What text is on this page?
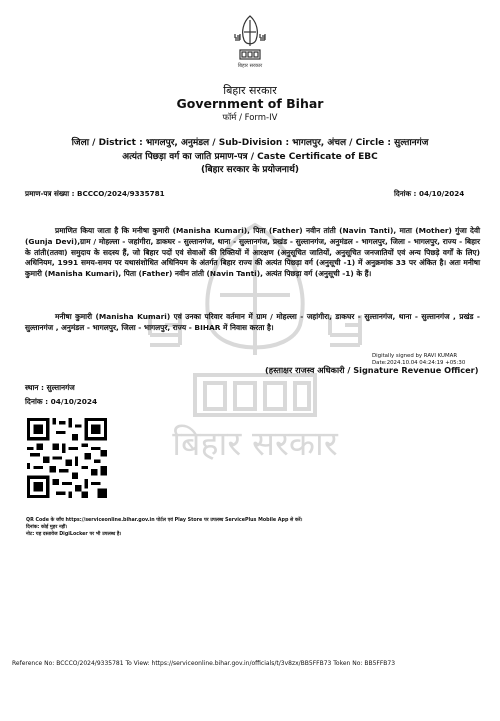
बिहार सरकार
बिहार सरकार
बिहार सरकार
Government of Bihar
फॉर्म / Form-IV
जिला / District : भागलपुर, अनुमंडल / Sub-Division : भागलपुर, अंचल / Circle : सुल्तानगंज
अत्यंत पिछड़ा वर्ग का जाति प्रमाण-पत्र / Caste Certificate of EBC
(बिहार सरकार के प्रयोजनार्थ)
प्रमाण-पत्र संख्या : BCCCO/2024/9335781	दिनांक : 04/10/2024

प्रमाणित किया जाता है कि मनीषा कुमारी (Manisha Kumari), पिता (Father) नवीन तांती (Navin Tanti), माता (Mother) गुंजा देवी (Gunja Devi),ग्राम / मोहल्ला - जहांगीरा, डाकघर - सुल्तानगंज, थाना - सुल्तानगंज, प्रखंड - सुल्तानगंज, अनुमंडल - भागलपुर, जिला - भागलपुर, राज्य - बिहार के तांती(ततवा) समुदाय के सदस्य हैं, जो बिहार पदों एवं सेवाओं की रिक्तियों में आरक्षण (अनुसूचित जातियों, अनुसूचित जनजातियों एवं अन्य पिछड़े वर्गों के लिए) अधिनियम, 1991 समय-समय पर यथासंशोधित अधिनियम के अंतर्गत बिहार राज्य की अत्यंत पिछड़ा वर्ग (अनुसूची -1) में अनुक्रमांक 33 पर अंकित है। अतः मनीषा कुमारी (Manisha Kumari), पिता (Father) नवीन तांती (Navin Tanti), अत्यंत पिछड़ा वर्ग (अनुसूची -1) के हैं।

मनीषा कुमारी (Manisha Kumari) एवं उनका परिवार वर्तमान में ग्राम / मोहल्ला - जहांगीरा, डाकघर - सुल्तानगंज, थाना - सुल्तानगंज , प्रखंड - सुल्तानगंज , अनुमंडल - भागलपुर, जिला - भागलपुर, राज्य - BIHAR में निवास करता है।

Digitally signed by RAVI KUMAR
Date:2024.10.04 04:24:19 +05:30
(हस्ताक्षर राजस्व अधिकारी / Signature Revenue Officer)
स्थान : सुल्तानगंज
दिनांक : 04/10/2024
QR Code के जाँच https://serviceonline.bihar.gov.in पोर्टल एवं Play Store पर उपलब्ध ServicePlus Mobile App से करें।
दिनांक: कोई मुहर नहीं।
नोट: यह दस्तावेज DigiLocker पर भी उपलब्ध है।
Reference No: BCCCO/2024/9335781 To View: https://serviceonline.bihar.gov.in/officials/t/3v8zx/BB5FFB73 Token No: BB5FFB73
